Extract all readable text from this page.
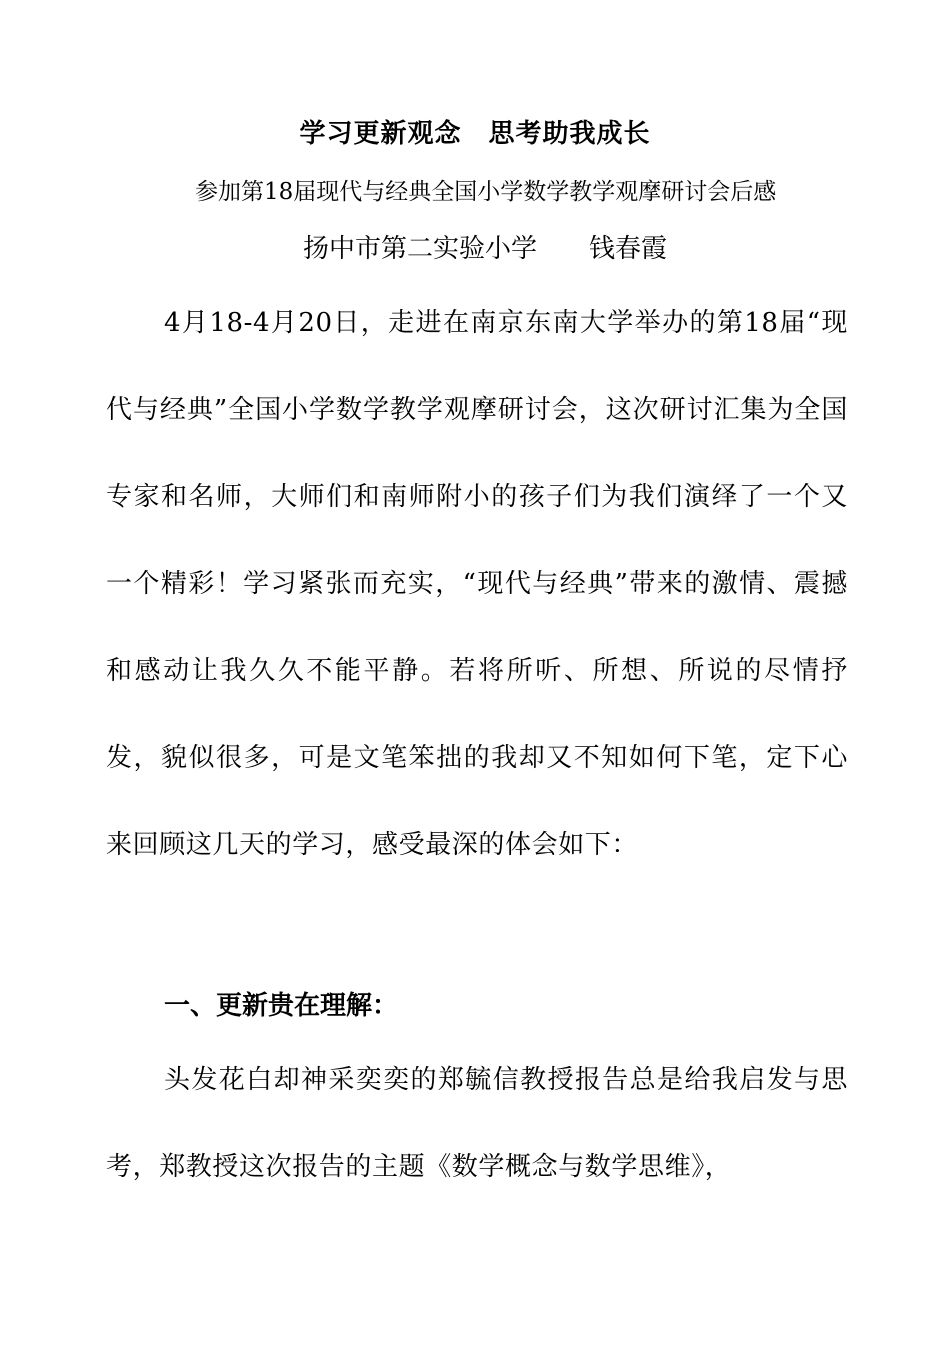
学习更新观念　思考助我成长
参加第18届现代与经典全国小学数学教学观摩研讨会后感
扬中市第二实验小学　　钱春霞

4月18-4月20日，走进在南京东南大学举办的第18届“现代与经典”全国小学数学教学观摩研讨会，这次研讨汇集为全国专家和名师，大师们和南师附小的孩子们为我们演绎了一个又一个精彩！学习紧张而充实，“现代与经典”带来的激情、震撼和感动让我久久不能平静。若将所听、所想、所说的尽情抒发，貌似很多，可是文笔笨拙的我却又不知如何下笔，定下心来回顾这几天的学习，感受最深的体会如下：

一、更新贵在理解：

头发花白却神采奕奕的郑毓信教授报告总是给我启发与思考，郑教授这次报告的主题《数学概念与数学思维》，
